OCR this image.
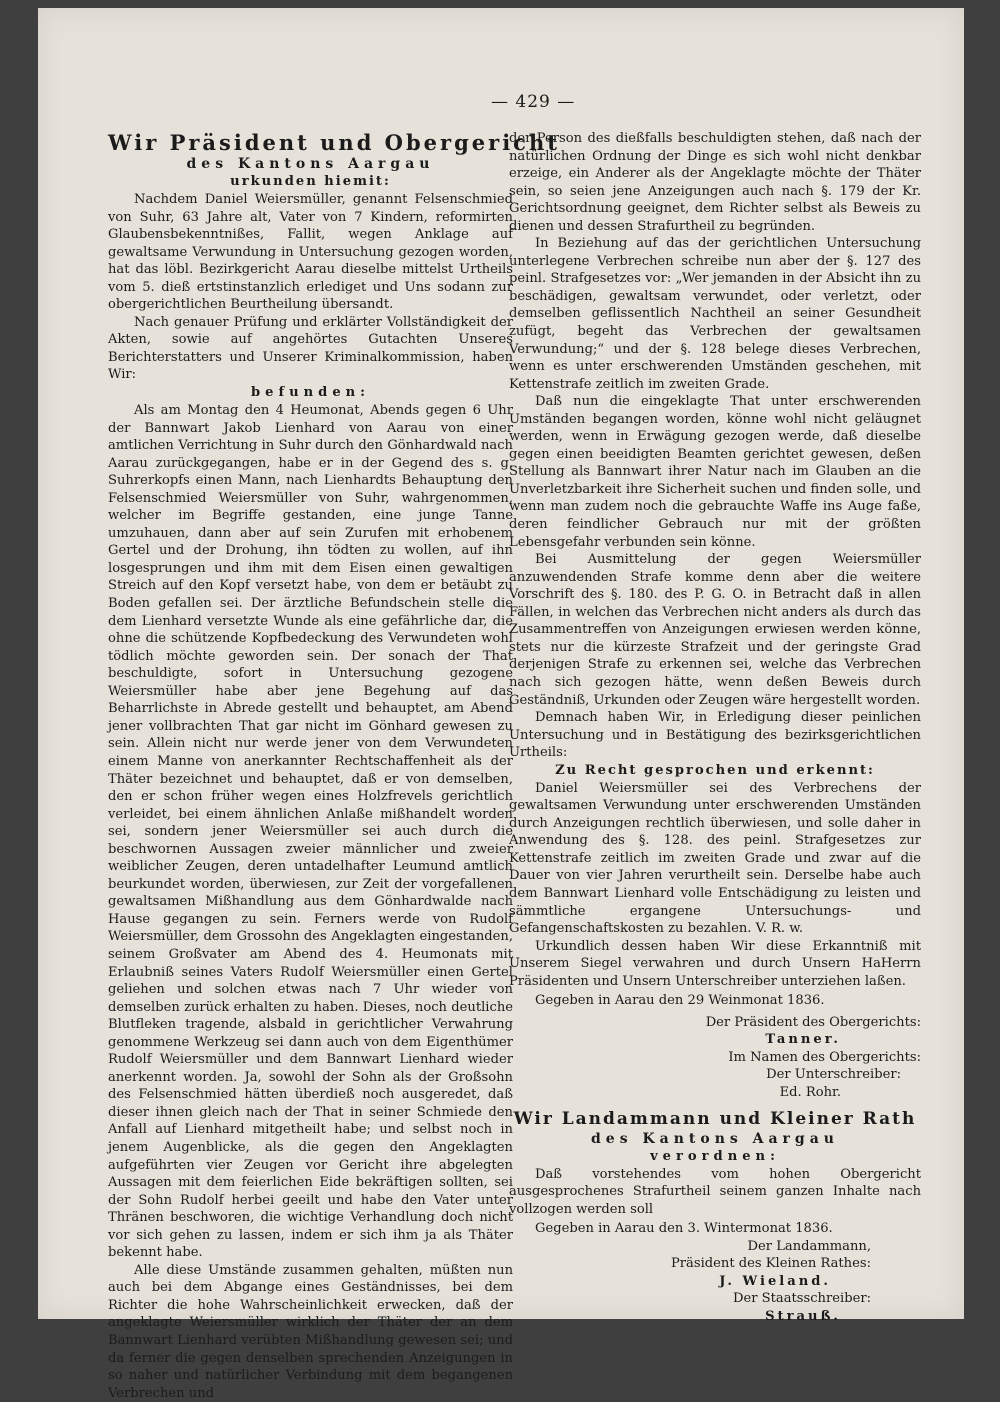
— 429 —
Wir Präsident und Obergericht
des Kantons Aargau
urkunden hiemit:

Nachdem Daniel Weiersmüller, genannt Felsenschmied von Suhr, 63 Jahre alt, Vater von 7 Kindern, reformirten Glaubensbekenntnißes, Fallit, wegen Anklage auf gewaltsame Verwundung in Untersuchung gezogen worden, hat das löbl. Bezirkgericht Aarau dieselbe mittelst Urtheils vom 5. dieß ertstinstanzlich erlediget und Uns sodann zur obergerichtlichen Beurtheilung übersandt.

Nach genauer Prüfung und erklärter Vollständigkeit der Akten, sowie auf angehörtes Gutachten Unseres Berichterstatters und Unserer Kriminalkommission, haben Wir:

befunden:

Als am Montag den 4 Heumonat, Abends gegen 6 Uhr der Bannwart Jakob Lienhard von Aarau von einer amtlichen Verrichtung in Suhr durch den Gönhardwald nach Aarau zurückgegangen, habe er in der Gegend des s. g. Suhrerkopfs einen Mann, nach Lienhardts Behauptung den Felsenschmied Weiersmüller von Suhr, wahrgenommen, welcher im Begriffe gestanden, eine junge Tanne umzuhauen, dann aber auf sein Zurufen mit erhobenem Gertel und der Drohung, ihn tödten zu wollen, auf ihn losgesprungen und ihm mit dem Eisen einen gewaltigen Streich auf den Kopf versetzt habe, von dem er betäubt zu Boden gefallen sei. Der ärztliche Befundschein stelle die dem Lienhard versetzte Wunde als eine gefährliche dar, die ohne die schützende Kopfbedeckung des Verwundeten wohl tödlich möchte geworden sein. Der sonach der That beschuldigte, sofort in Untersuchung gezogene Weiersmüller habe aber jene Begehung auf das Beharrlichste in Abrede gestellt und behauptet, am Abend jener vollbrachten That gar nicht im Gönhard gewesen zu sein. Allein nicht nur werde jener von dem Verwundeten einem Manne von anerkannter Rechtschaffenheit als der Thäter bezeichnet und behauptet, daß er von demselben, den er schon früher wegen eines Holzfrevels gerichtlich verleidet, bei einem ähnlichen Anlaße mißhandelt worden sei, sondern jener Weiersmüller sei auch durch die beschwornen Aussagen zweier männlicher und zweier weiblicher Zeugen, deren untadelhafter Leumund amtlich beurkundet worden, überwiesen, zur Zeit der vorgefallenen gewaltsamen Mißhandlung aus dem Gönhardwalde nach Hause gegangen zu sein. Ferners werde von Rudolf Weiersmüller, dem Grossohn des Angeklagten eingestanden, seinem Großvater am Abend des 4. Heumonats mit Erlaubniß seines Vaters Rudolf Weiersmüller einen Gertel geliehen und solchen etwas nach 7 Uhr wieder von demselben zurück erhalten zu haben. Dieses, noch deutliche Blutfleken tragende, alsbald in gerichtlicher Verwahrung genommene Werkzeug sei dann auch von dem Eigenthümer Rudolf Weiersmüller und dem Bannwart Lienhard wieder anerkennt worden. Ja, sowohl der Sohn als der Großsohn des Felsenschmied hätten überdieß noch ausgeredet, daß dieser ihnen gleich nach der That in seiner Schmiede den Anfall auf Lienhard mitgetheilt habe; und selbst noch in jenem Augenblicke, als die gegen den Angeklagten aufgeführten vier Zeugen vor Gericht ihre abgelegten Aussagen mit dem feierlichen Eide bekräftigen sollten, sei der Sohn Rudolf herbei geeilt und habe den Vater unter Thränen beschworen, die wichtige Verhandlung doch nicht vor sich gehen zu lassen, indem er sich ihm ja als Thäter bekennt habe.

Alle diese Umstände zusammen gehalten, müßten nun auch bei dem Abgange eines Geständnisses, bei dem Richter die hohe Wahrscheinlichkeit erwecken, daß der angeklagte Weiersmüller wirklich der Thäter der an dem Bannwart Lienhard verübten Mißhandlung gewesen sei; und da ferner die gegen denselben sprechenden Anzeigungen in so naher und natürlicher Verbindung mit dem begangenen Verbrechen und

der Person des dießfalls beschuldigten stehen, daß nach der natürlichen Ordnung der Dinge es sich wohl nicht denkbar erzeige, ein Anderer als der Angeklagte möchte der Thäter sein, so seien jene Anzeigungen auch nach §. 179 der Kr. Gerichtsordnung geeignet, dem Richter selbst als Beweis zu dienen und dessen Strafurtheil zu begründen.

In Beziehung auf das der gerichtlichen Untersuchung unterlegene Verbrechen schreibe nun aber der §. 127 des peinl. Strafgesetzes vor: „Wer jemanden in der Absicht ihn zu beschädigen, gewaltsam verwundet, oder verletzt, oder demselben geflissentlich Nachtheil an seiner Gesundheit zufügt, begeht das Verbrechen der gewaltsamen Verwundung;“ und der §. 128 belege dieses Verbrechen, wenn es unter erschwerenden Umständen geschehen, mit Kettenstrafe zeitlich im zweiten Grade.

Daß nun die eingeklagte That unter erschwerenden Umständen begangen worden, könne wohl nicht geläugnet werden, wenn in Erwägung gezogen werde, daß dieselbe gegen einen beeidigten Beamten gerichtet gewesen, deßen Stellung als Bannwart ihrer Natur nach im Glauben an die Unverletzbarkeit ihre Sicherheit suchen und finden solle, und wenn man zudem noch die gebrauchte Waffe ins Auge faße, deren feindlicher Gebrauch nur mit der größten Lebensgefahr verbunden sein könne.

Bei Ausmittelung der gegen Weiersmüller anzuwendenden Strafe komme denn aber die weitere Vorschrift des §. 180. des P. G. O. in Betracht daß in allen Fällen, in welchen das Verbrechen nicht anders als durch das Zusammentreffen von Anzeigungen erwiesen werden könne, stets nur die kürzeste Strafzeit und der geringste Grad derjenigen Strafe zu erkennen sei, welche das Verbrechen nach sich gezogen hätte, wenn deßen Beweis durch Geständniß, Urkunden oder Zeugen wäre hergestellt worden.

Demnach haben Wir, in Erledigung dieser peinlichen Untersuchung und in Bestätigung des bezirksgerichtlichen Urtheils:

Zu Recht gesprochen und erkennt:

Daniel Weiersmüller sei des Verbrechens der gewaltsamen Verwundung unter erschwerenden Umständen durch Anzeigungen rechtlich überwiesen, und solle daher in Anwendung des §. 128. des peinl. Strafgesetzes zur Kettenstrafe zeitlich im zweiten Grade und zwar auf die Dauer von vier Jahren verurtheilt sein. Derselbe habe auch dem Bannwart Lienhard volle Entschädigung zu leisten und sämmtliche ergangene Untersuchungs- und Gefangenschaftskosten zu bezahlen. V. R. w.

Urkundlich dessen haben Wir diese Erkanntniß mit Unserem Siegel verwahren und durch Unsern HaHerrn Präsidenten und Unsern Unterschreiber unterziehen laßen.

Gegeben in Aarau den 29 Weinmonat 1836.

Der Präsident des Obergerichts:
Tanner.
Im Namen des Obergerichts:
Der Unterschreiber:
Ed. Rohr.
Wir Landammann und Kleiner Rath
des Kantons Aargau
verordnen:

Daß vorstehendes vom hohen Obergericht ausgesprochenes Strafurtheil seinem ganzen Inhalte nach vollzogen werden soll

Gegeben in Aarau den 3. Wintermonat 1836.

Der Landammann,
Präsident des Kleinen Rathes:
J. Wieland.
Der Staatsschreiber:
Strauß.
